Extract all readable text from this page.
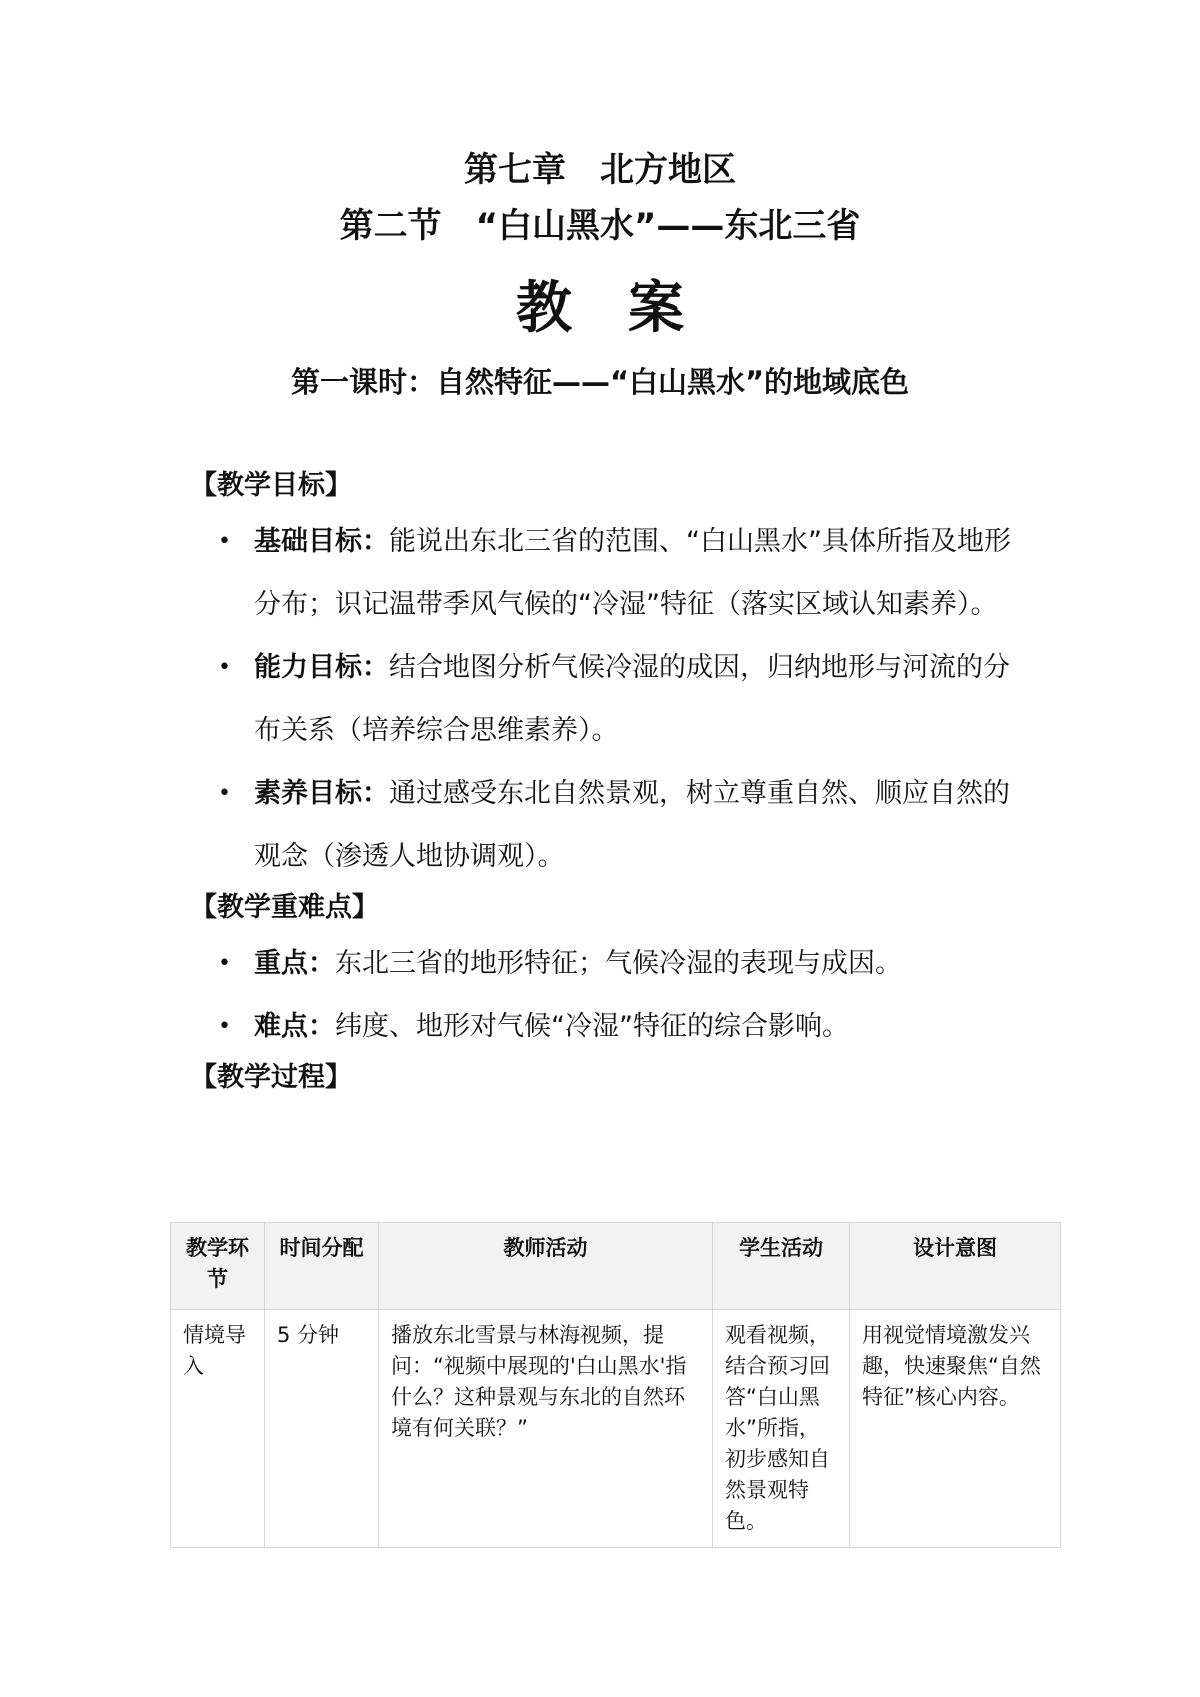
第七章　北方地区
第二节　“白山黑水”——东北三省
教　案
第一课时：自然特征——“白山黑水”的地域底色
【教学目标】
• 基础目标：能说出东北三省的范围、“白山黑水”具体所指及地形分布；识记温带季风气候的“冷湿”特征（落实区域认知素养）。
• 能力目标：结合地图分析气候冷湿的成因，归纳地形与河流的分布关系（培养综合思维素养）。
• 素养目标：通过感受东北自然景观，树立尊重自然、顺应自然的观念（渗透人地协调观）。
【教学重难点】
• 重点：东北三省的地形特征；气候冷湿的表现与成因。
• 难点：纬度、地形对气候“冷湿”特征的综合影响。
【教学过程】
教学环节	时间分配	教师活动	学生活动	设计意图
情境导入	5 分钟	播放东北雪景与林海视频，提问：“视频中展现的'白山黑水'指什么？这种景观与东北的自然环境有何关联？”	观看视频，结合预习回答“白山黑水”所指，初步感知自然景观特色。	用视觉情境激发兴趣，快速聚焦“自然特征”核心内容。
